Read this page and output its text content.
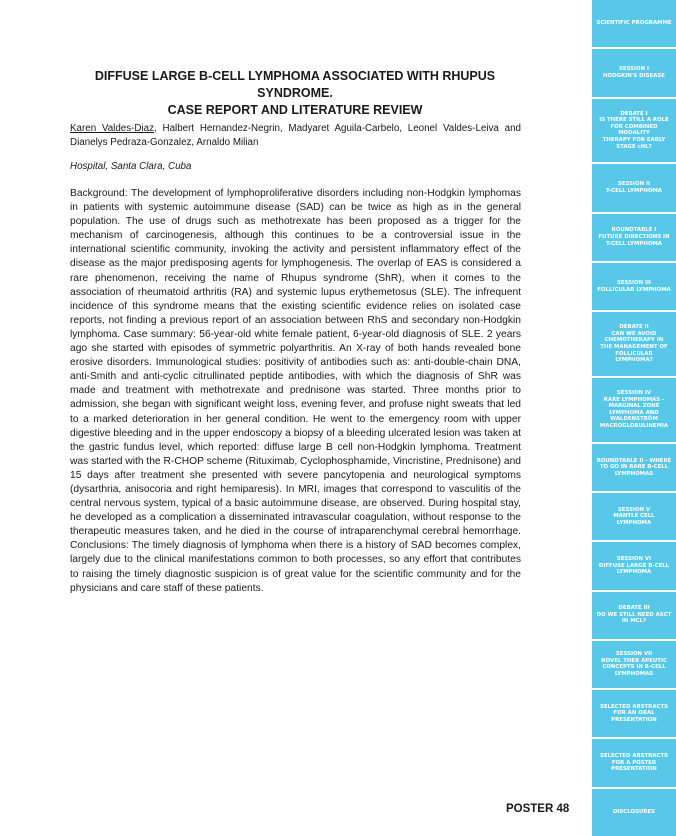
DIFFUSE LARGE B-CELL LYMPHOMA ASSOCIATED WITH RHUPUS SYNDROME.
CASE REPORT AND LITERATURE REVIEW
Karen Valdes-Diaz, Halbert Hernandez-Negrin, Madyaret Aguila-Carbelo, Leonel Valdes-Leiva and Dianelys Pedraza-Gonzalez, Arnaldo Milian
Hospital, Santa Clara, Cuba
Background: The development of lymphoproliferative disorders including non-Hodgkin lymphomas in patients with systemic autoimmune disease (SAD) can be twice as high as in the general population. The use of drugs such as methotrexate has been proposed as a trigger for the mechanism of carcinogenesis, although this continues to be a controversial issue in the international scientific community, invoking the activity and persistent inflammatory effect of the disease as the major predisposing agents for lymphogenesis. The overlap of EAS is considered a rare phenomenon, receiving the name of Rhupus syndrome (ShR), when it comes to the association of rheumatoid arthritis (RA) and systemic lupus erythemetosus (SLE). The infrequent incidence of this syndrome means that the existing scientific evidence relies on isolated case reports, not finding a previous report of an association between RhS and secondary non-Hodgkin lymphoma. Case summary: 56-year-old white female patient, 6-year-old diagnosis of SLE. 2 years ago she started with episodes of symmetric polyarthritis. An X-ray of both hands revealed bone erosive disorders. Immunological studies: positivity of antibodies such as: anti-double-chain DNA, anti-Smith and anti-cyclic citrullinated peptide antibodies, with which the diagnosis of ShR was made and treatment with methotrexate and prednisone was started. Three months prior to admission, she began with significant weight loss, evening fever, and profuse night sweats that led to a marked deterioration in her general condition. He went to the emergency room with upper digestive bleeding and in the upper endoscopy a biopsy of a bleeding ulcerated lesion was taken at the gastric fundus level, which reported: diffuse large B cell non-Hodgkin lymphoma. Treatment was started with the R-CHOP scheme (Rituximab, Cyclophosphamide, Vincristine, Prednisone) and 15 days after treatment she presented with severe pancytopenia and neurological symptoms (dysarthria, anisocoria and right hemiparesis). In MRI, images that correspond to vasculitis of the central nervous system, typical of a basic autoimmune disease, are observed. During hospital stay, he developed as a complication a disseminated intravascular coagulation, without response to the therapeutic measures taken, and he died in the course of intraparenchymal cerebral hemorrhage. Conclusions: The timely diagnosis of lymphoma when there is a history of SAD becomes complex, largely due to the clinical manifestations common to both processes, so any effort that contributes to raising the timely diagnostic suspicion is of great value for the scientific community and for the physicians and care staff of these patients.
POSTER 48
SCIENTIFIC PROGRAMME
SESSION I
HODGKIN'S DISEASE
DEBATE I
IS THERE STILL A ROLE
FOR COMBINED MODALITY
THERAPY FOR EARLY
STAGE cHL?
SESSION II
T-CELL LYMPHOMA
ROUNDTABLE I
FUTURE DIRECTIONS IN
T-CELL LYMPHOMA
SESSION III
FOLLICULAR LYMPHOMA
DEBATE II
CAN WE AVOID
CHEMOTHERAPY IN
THE MANAGEMENT OF
FOLLICULAR LYMPHOMA?
SESSION IV
RARE LYMPHOMAS -
MARGINAL ZONE
LYMPHOMA AND
WALDENSTRÖM
MACROGLOBULINEMIA
ROUNDTABLE II - WHERE
TO GO IN RARE B-CELL
LYMPHOMAS
SESSION V
MANTLE CELL LYMPHOMA
SESSION VI
DIFFUSE LARGE B-CELL
LYMPHOMA
DEBATE III
DO WE STILL NEED ASCT
IN MCL?
SESSION VII
NOVEL THER APEUTIC
CONCEPTS IN B-CELL
LYMPHOMAS
SELECTED ABSTRACTS
FOR AN ORAL
PRESENTATION
SELECTED ABSTRACTS
FOR A POSTER
PRESENTATION
DISCLOSURES
